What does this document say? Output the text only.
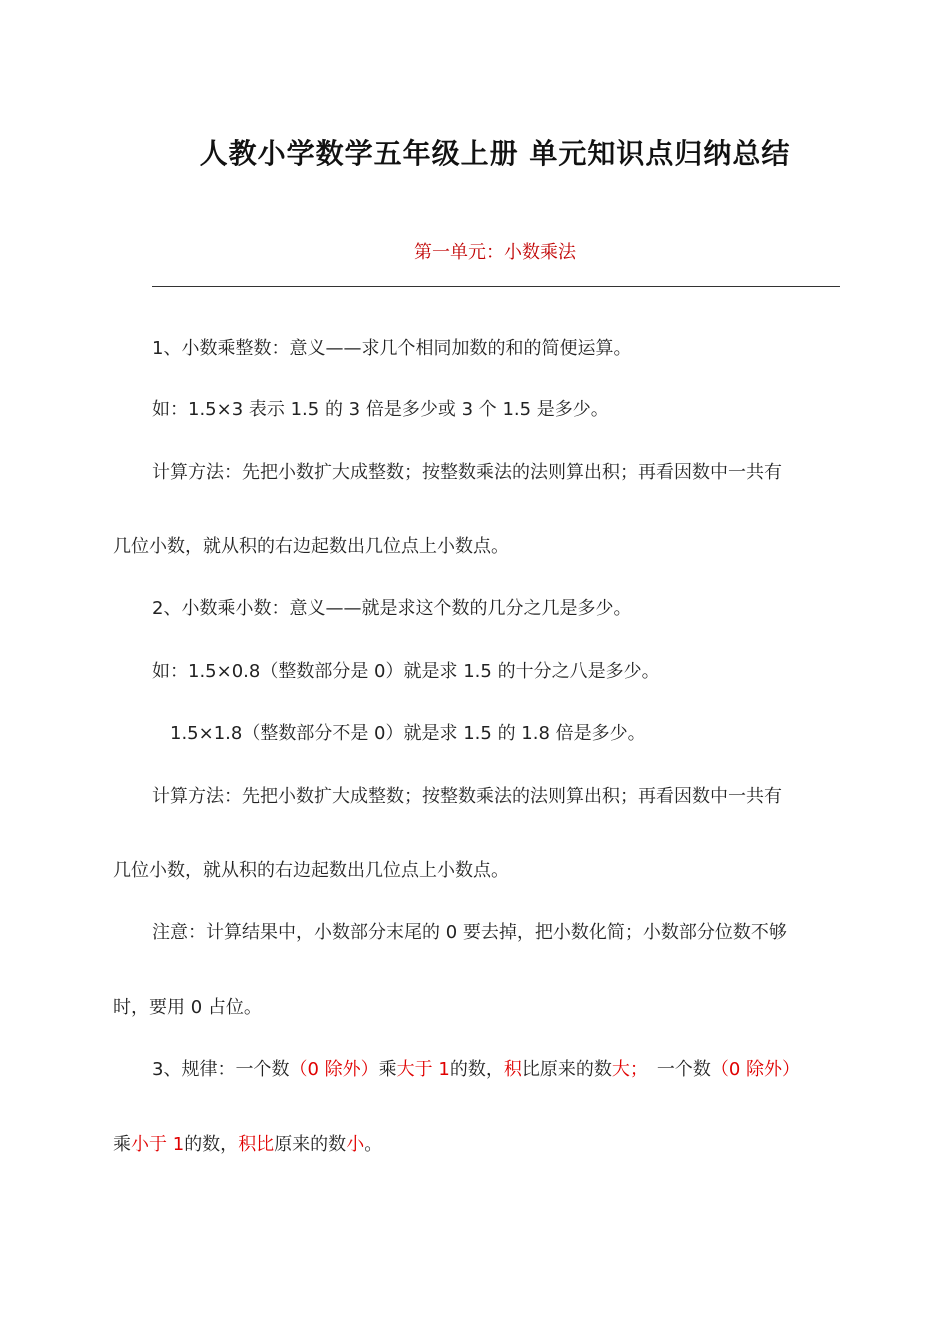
人教小学数学五年级上册 单元知识点归纳总结
第一单元：小数乘法
1、小数乘整数：意义——求几个相同加数的和的简便运算。
如：1.5×3 表示 1.5 的 3 倍是多少或 3 个 1.5 是多少。
计算方法：先把小数扩大成整数；按整数乘法的法则算出积；再看因数中一共有
几位小数，就从积的右边起数出几位点上小数点。
2、小数乘小数：意义——就是求这个数的几分之几是多少。
如：1.5×0.8（整数部分是 0）就是求 1.5 的十分之八是多少。
1.5×1.8（整数部分不是 0）就是求 1.5 的 1.8 倍是多少。
计算方法：先把小数扩大成整数；按整数乘法的法则算出积；再看因数中一共有
几位小数，就从积的右边起数出几位点上小数点。
注意：计算结果中，小数部分末尾的 0 要去掉，把小数化简；小数部分位数不够
时，要用 0 占位。
3、规律：一个数（0 除外）乘大于 1的数，积比原来的数大；　一个数（0 除外）
乘小于 1的数，积比原来的数小。
